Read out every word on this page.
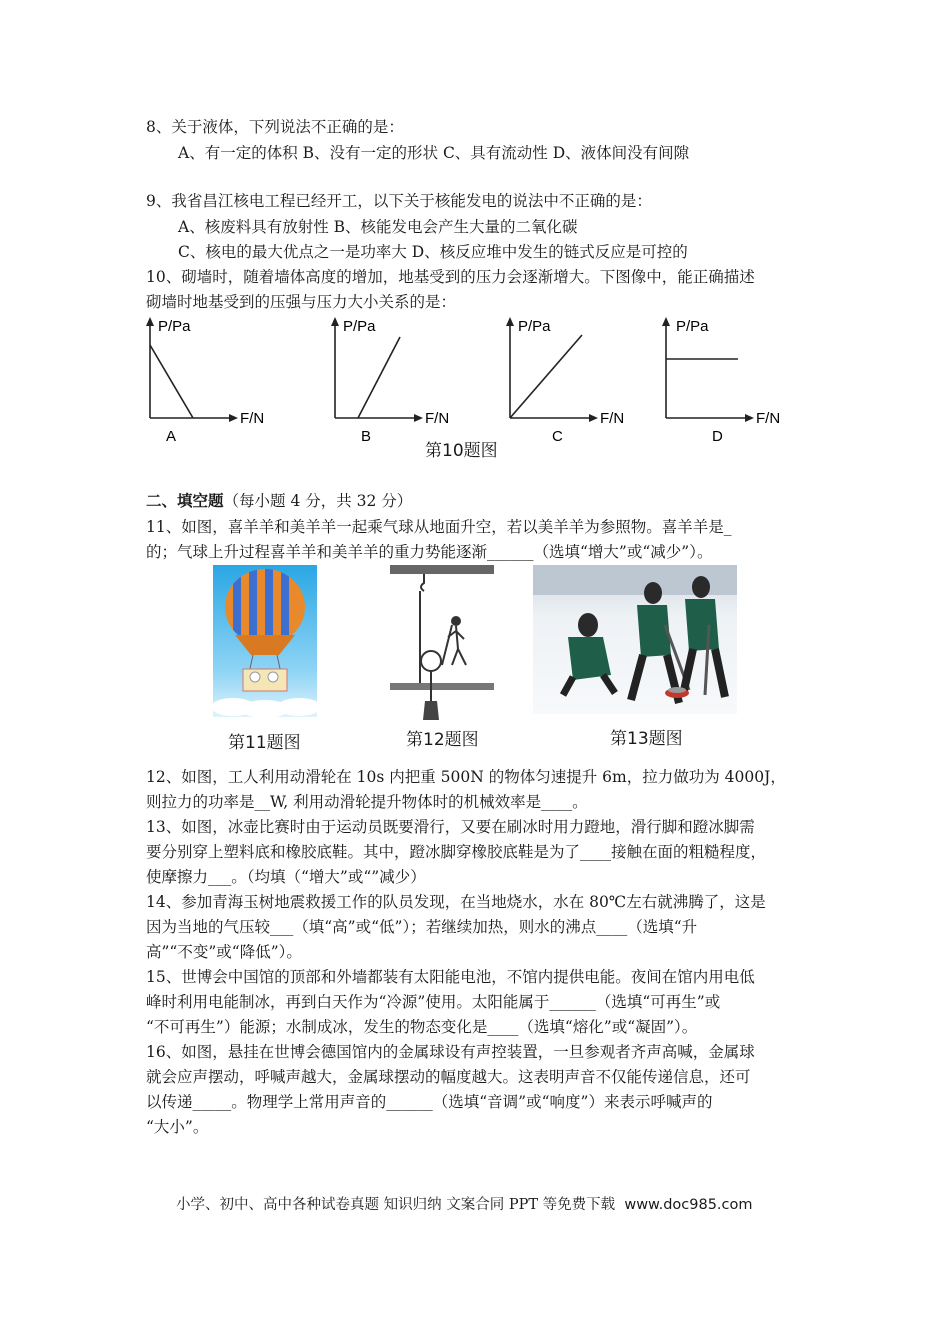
8、关于液体，下列说法不正确的是：
A、有一定的体积 B、没有一定的形状 C、具有流动性 D、液体间没有间隙
9、我省昌江核电工程已经开工，以下关于核能发电的说法中不正确的是：
A、核废料具有放射性 B、核能发电会产生大量的二氧化碳
C、核电的最大优点之一是功率大 D、核反应堆中发生的链式反应是可控的
10、砌墙时，随着墙体高度的增加，地基受到的压力会逐渐增大。下图像中，能正确描述
砌墙时地基受到的压强与压力大小关系的是：
P/Pa
F/N
A
P/Pa
F/N
B
P/Pa
F/N
C
P/Pa
F/N
D
第10题图
二、填空题（每小题 4 分，共 32 分）
11、如图，喜羊羊和美羊羊一起乘气球从地面升空，若以美羊羊为参照物。喜羊羊是_
的；气球上升过程喜羊羊和美羊羊的重力势能逐渐______（选填“增大”或“减少”）。
第11题图	第12题图	第13题图
12、如图，工人利用动滑轮在 10s 内把重 500N 的物体匀速提升 6m，拉力做功为 4000J，
则拉力的功率是__W, 利用动滑轮提升物体时的机械效率是____。
13、如图，冰壶比赛时由于运动员既要滑行，又要在刷冰时用力蹬地，滑行脚和蹬冰脚需
要分别穿上塑料底和橡胶底鞋。其中，蹬冰脚穿橡胶底鞋是为了____接触在面的粗糙程度，
使摩擦力___。（均填（“增大”或“”减少）
14、参加青海玉树地震救援工作的队员发现，在当地烧水，水在 80℃左右就沸腾了，这是
因为当地的气压较___（填“高”或“低”）；若继续加热，则水的沸点____（选填“升
高”“不变”或“降低”）。
15、世博会中国馆的顶部和外墙都装有太阳能电池，不馆内提供电能。夜间在馆内用电低
峰时利用电能制冰，再到白天作为“冷源”使用。太阳能属于______（选填“可再生”或
“不可再生”）能源；水制成冰，发生的物态变化是____（选填“熔化”或“凝固”）。
16、如图，悬挂在世博会德国馆内的金属球设有声控装置，一旦参观者齐声高喊，金属球
就会应声摆动，呼喊声越大，金属球摆动的幅度越大。这表明声音不仅能传递信息，还可
以传递_____。物理学上常用声音的______（选填“音调”或“响度”）来表示呼喊声的
“大小”。
小学、初中、高中各种试卷真题 知识归纳 文案合同 PPT 等免费下载 www.doc985.com
